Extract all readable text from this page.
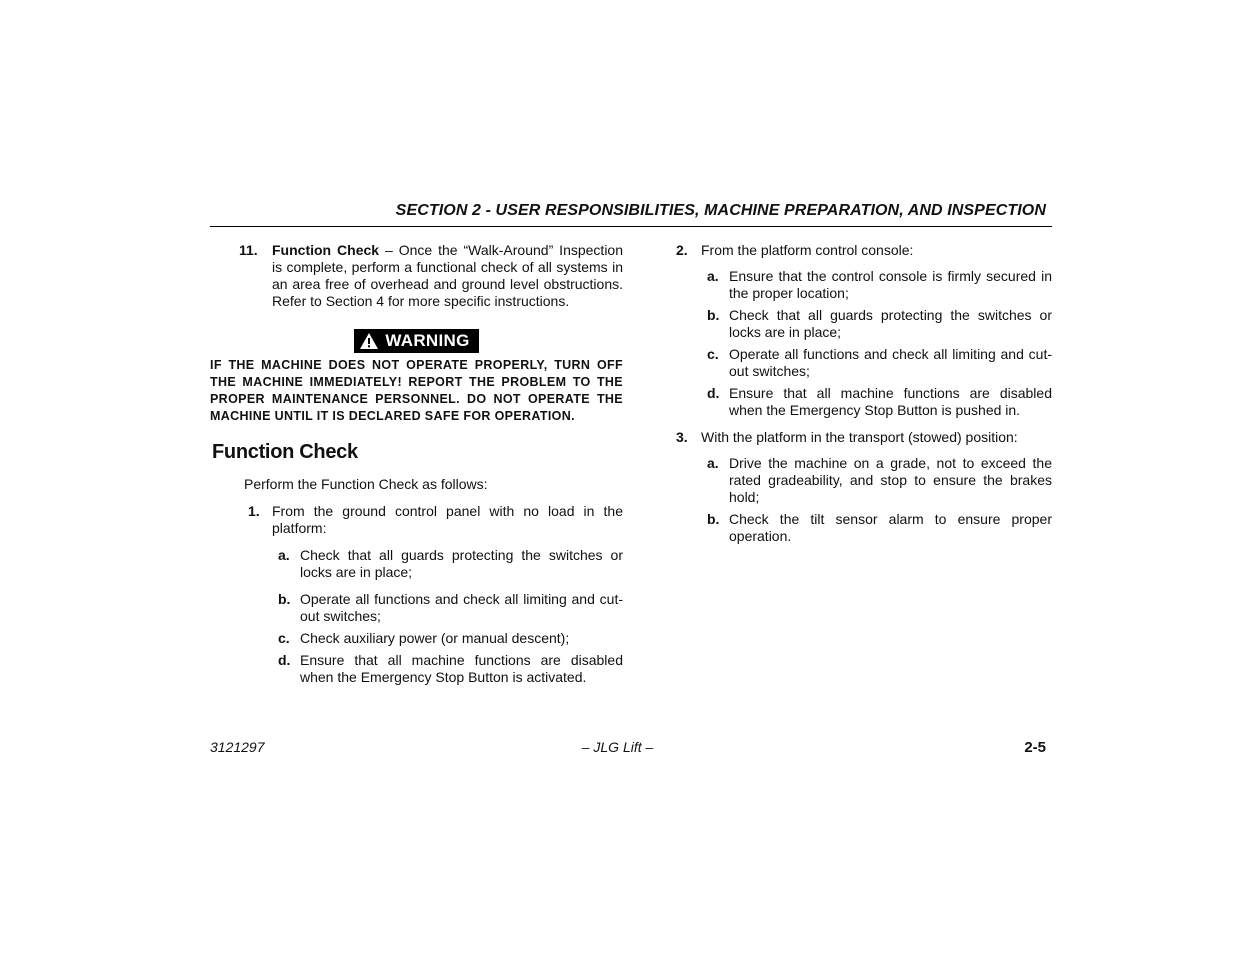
SECTION 2 - USER RESPONSIBILITIES, MACHINE PREPARATION, AND INSPECTION
11. Function Check – Once the “Walk-Around” Inspection is complete, perform a functional check of all systems in an area free of overhead and ground level obstructions. Refer to Section 4 for more specific instructions.

WARNING
IF THE MACHINE DOES NOT OPERATE PROPERLY, TURN OFF THE MACHINE IMMEDIATELY! REPORT THE PROBLEM TO THE PROPER MAINTENANCE PERSONNEL. DO NOT OPERATE THE MACHINE UNTIL IT IS DECLARED SAFE FOR OPERATION.
Function Check
Perform the Function Check as follows:
1. From the ground control panel with no load in the platform:
a. Check that all guards protecting the switches or locks are in place;
b. Operate all functions and check all limiting and cut-out switches;
c. Check auxiliary power (or manual descent);
d. Ensure that all machine functions are disabled when the Emergency Stop Button is activated.
2. From the platform control console:
a. Ensure that the control console is firmly secured in the proper location;
b. Check that all guards protecting the switches or locks are in place;
c. Operate all functions and check all limiting and cut-out switches;
d. Ensure that all machine functions are disabled when the Emergency Stop Button is pushed in.
3. With the platform in the transport (stowed) position:
a. Drive the machine on a grade, not to exceed the rated gradeability, and stop to ensure the brakes hold;
b. Check the tilt sensor alarm to ensure proper operation.
– JLG Lift –
3121297	2-5
